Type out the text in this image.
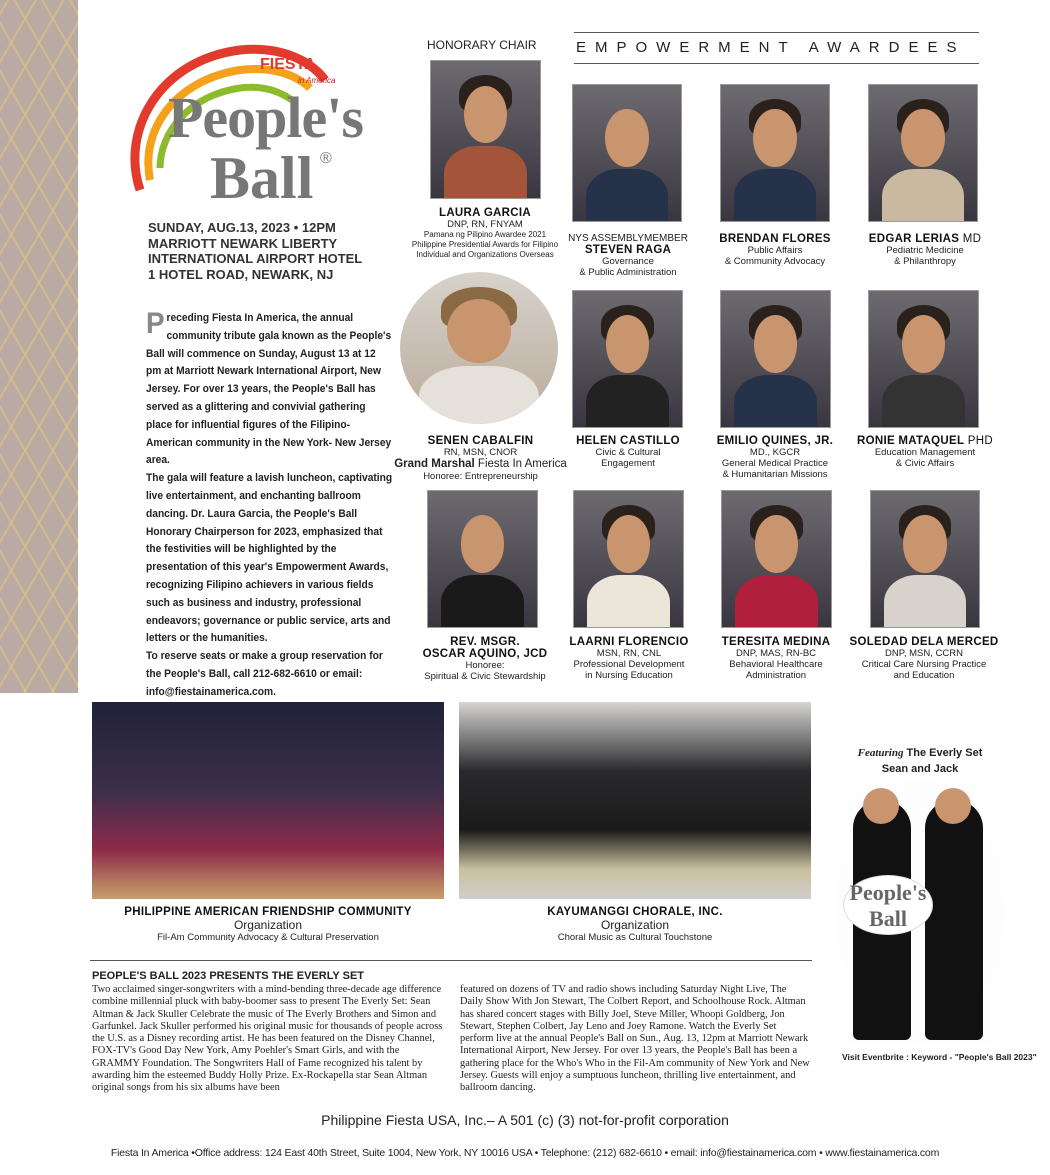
FIESTA
in America
People's
Ball ®
SUNDAY, AUG.13, 2023 • 12PM
MARRIOTT NEWARK LIBERTY
INTERNATIONAL AIRPORT HOTEL
1 HOTEL ROAD, NEWARK, NJ
P receding Fiesta In America, the annual community tribute gala known as the People's Ball will commence on Sunday, August 13 at 12 pm at Marriott Newark International Airport, New Jersey. For over 13 years, the People's Ball has served as a glittering and convivial gathering place for influential figures of the Filipino-American community in the New York- New Jersey area.
The gala will feature a lavish luncheon, captivating live entertainment, and enchanting ballroom dancing. Dr. Laura Garcia, the People's Ball Honorary Chairperson for 2023, emphasized that the festivities will be highlighted by the presentation of this year's Empowerment Awards, recognizing Filipino achievers in various fields such as business and industry, professional endeavors; governance or public service, arts and letters or the humanities.
To reserve seats or make a group reservation for the People's Ball, call 212-682-6610 or email: info@fiestainamerica.com.

HONORARY CHAIR	EMPOWERMENT AWARDEES
LAURA GARCIA
DNP, RN, FNYAM
Pamana ng Pilipino Awardee 2021
Philippine Presidential Awards for Filipino
Individual and Organizations Overseas
NYS ASSEMBLYMEMBER
STEVEN RAGA
Governance
& Public Administration
BRENDAN FLORES
Public Affairs
& Community Advocacy
EDGAR LERIAS MD
Pediatric Medicine
& Philanthropy
SENEN CABALFIN
RN, MSN, CNOR
Grand Marshal Fiesta In America
Honoree: Entrepreneurship
HELEN CASTILLO
Civic & Cultural
Engagement
EMILIO QUINES, JR.
MD., KGCR
General Medical Practice
& Humanitarian Missions
RONIE MATAQUEL PHD
Education Management
& Civic Affairs
REV. MSGR.
OSCAR AQUINO, JCD
Honoree:
Spiritual & Civic Stewardship
LAARNI FLORENCIO
MSN, RN, CNL
Professional Development
in Nursing Education
TERESITA MEDINA
DNP, MAS, RN-BC
Behavioral Healthcare
Administration
SOLEDAD DELA MERCED
DNP, MSN, CCRN
Critical Care Nursing Practice
and Education
PHILIPPINE AMERICAN FRIENDSHIP COMMUNITY
Organization
Fil-Am Community Advocacy & Cultural Preservation
KAYUMANGGI CHORALE, INC.
Organization
Choral Music as Cultural Touchstone
Featuring The Everly Set
Sean and Jack
People's
Ball
Visit Eventbrite : Keyword - "People's Ball 2023"
PEOPLE'S BALL 2023 PRESENTS THE EVERLY SET
Two acclaimed singer-songwriters with a mind-bending three-decade age difference combine millennial pluck with baby-boomer sass to present The Everly Set: Sean Altman & Jack Skuller Celebrate the music of The Everly Brothers and Simon and Garfunkel. Jack Skuller performed his original music for thousands of people across the U.S. as a Disney recording artist. He has been featured on the Disney Channel, FOX-TV's Good Day New York, Amy Poehler's Smart Girls, and with the GRAMMY Foundation. The Songwriters Hall of Fame recognized his talent by awarding him the esteemed Buddy Holly Prize. Ex-Rockapella star Sean Altman original songs from his six albums have been
featured on dozens of TV and radio shows including Saturday Night Live, The Daily Show With Jon Stewart, The Colbert Report, and Schoolhouse Rock. Altman has shared concert stages with Billy Joel, Steve Miller, Whoopi Goldberg, Jon Stewart, Stephen Colbert, Jay Leno and Joey Ramone. Watch the Everly Set perform live at the annual People's Ball on Sun., Aug. 13, 12pm at Marriott Newark International Airport, New Jersey. For over 13 years, the People's Ball has been a gathering place for the Who's Who in the Fil-Am community of New York and New Jersey. Guests will enjoy a sumptuous luncheon, thrilling live entertainment, and ballroom dancing.
Philippine Fiesta USA, Inc.– A 501 (c) (3) not-for-profit corporation
Fiesta In America •Office address: 124 East 40th Street, Suite 1004, New York, NY 10016 USA • Telephone: (212) 682-6610 • email: info@fiestainamerica.com • www.fiestainamerica.com
